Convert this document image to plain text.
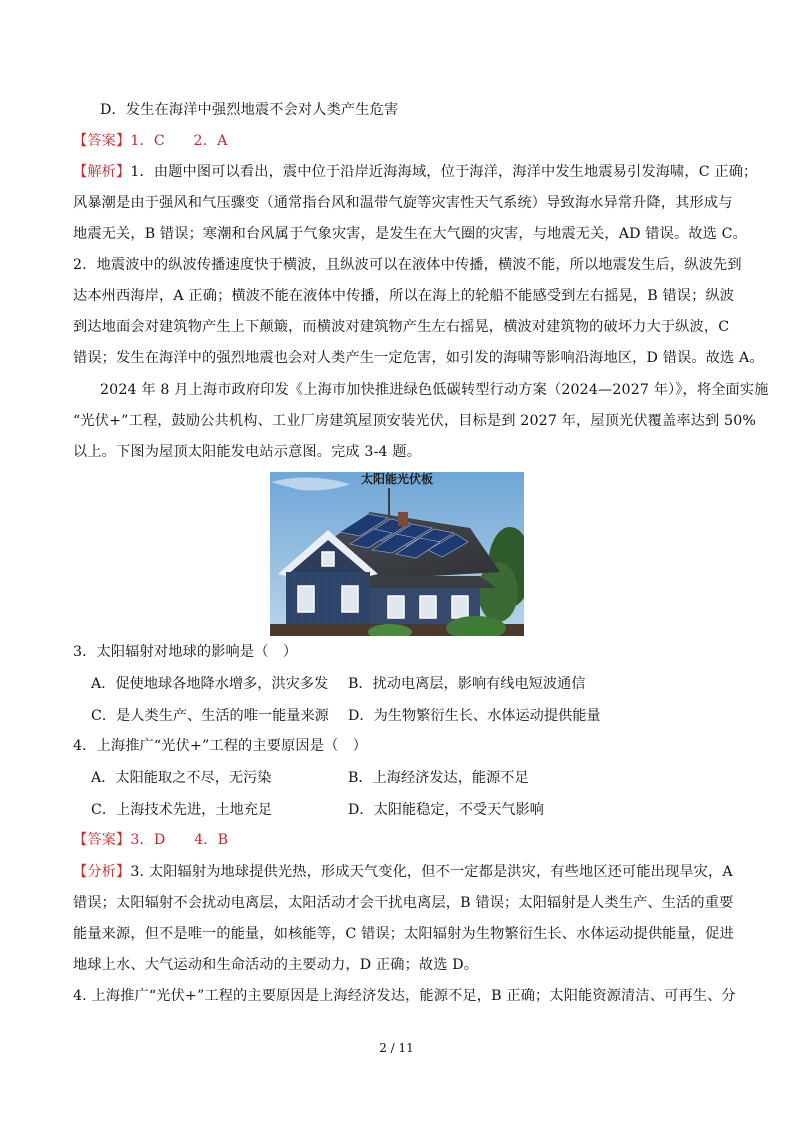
D．发生在海洋中强烈地震不会对人类产生危害
【答案】1．C　　2．A
【解析】1．由题中图可以看出，震中位于沿岸近海海域，位于海洋，海洋中发生地震易引发海啸，C 正确；
风暴潮是由于强风和气压骤变（通常指台风和温带气旋等灾害性天气系统）导致海水异常升降，其形成与
地震无关，B 错误；寒潮和台风属于气象灾害，是发生在大气圈的灾害，与地震无关，AD 错误。故选 C。
2．地震波中的纵波传播速度快于横波，且纵波可以在液体中传播，横波不能，所以地震发生后，纵波先到
达本州西海岸，A 正确；横波不能在液体中传播，所以在海上的轮船不能感受到左右摇晃，B 错误；纵波
到达地面会对建筑物产生上下颠簸，而横波对建筑物产生左右摇晃，横波对建筑物的破坏力大于纵波，C
错误；发生在海洋中的强烈地震也会对人类产生一定危害，如引发的海啸等影响沿海地区，D 错误。故选 A。
2024 年 8 月上海市政府印发《上海市加快推进绿色低碳转型行动方案（2024—2027 年）》，将全面实施
“光伏+”工程，鼓励公共机构、工业厂房建筑屋顶安装光伏，目标是到 2027 年，屋顶光伏覆盖率达到 50%
以上。下图为屋顶太阳能发电站示意图。完成 3-4 题。
太阳能光伏板
3．太阳辐射对地球的影响是（　）
A．促使地球各地降水增多，洪灾多发 B．扰动电离层，影响有线电短波通信
C．是人类生产、生活的唯一能量来源 D．为生物繁衍生长、水体运动提供能量
4．上海推广“光伏+”工程的主要原因是（　）
A．太阳能取之不尽，无污染	B．上海经济发达，能源不足
C．上海技术先进，土地充足	D．太阳能稳定，不受天气影响
【答案】3．D　　4．B
【分析】3. 太阳辐射为地球提供光热，形成天气变化，但不一定都是洪灾，有些地区还可能出现旱灾，A
错误；太阳辐射不会扰动电离层，太阳活动才会干扰电离层，B 错误；太阳辐射是人类生产、生活的重要
能量来源，但不是唯一的能量，如核能等，C 错误；太阳辐射为生物繁衍生长、水体运动提供能量，促进
地球上水、大气运动和生命活动的主要动力，D 正确；故选 D。
4. 上海推广“光伏+”工程的主要原因是上海经济发达，能源不足，B 正确；太阳能资源清洁、可再生、分
2 / 11
